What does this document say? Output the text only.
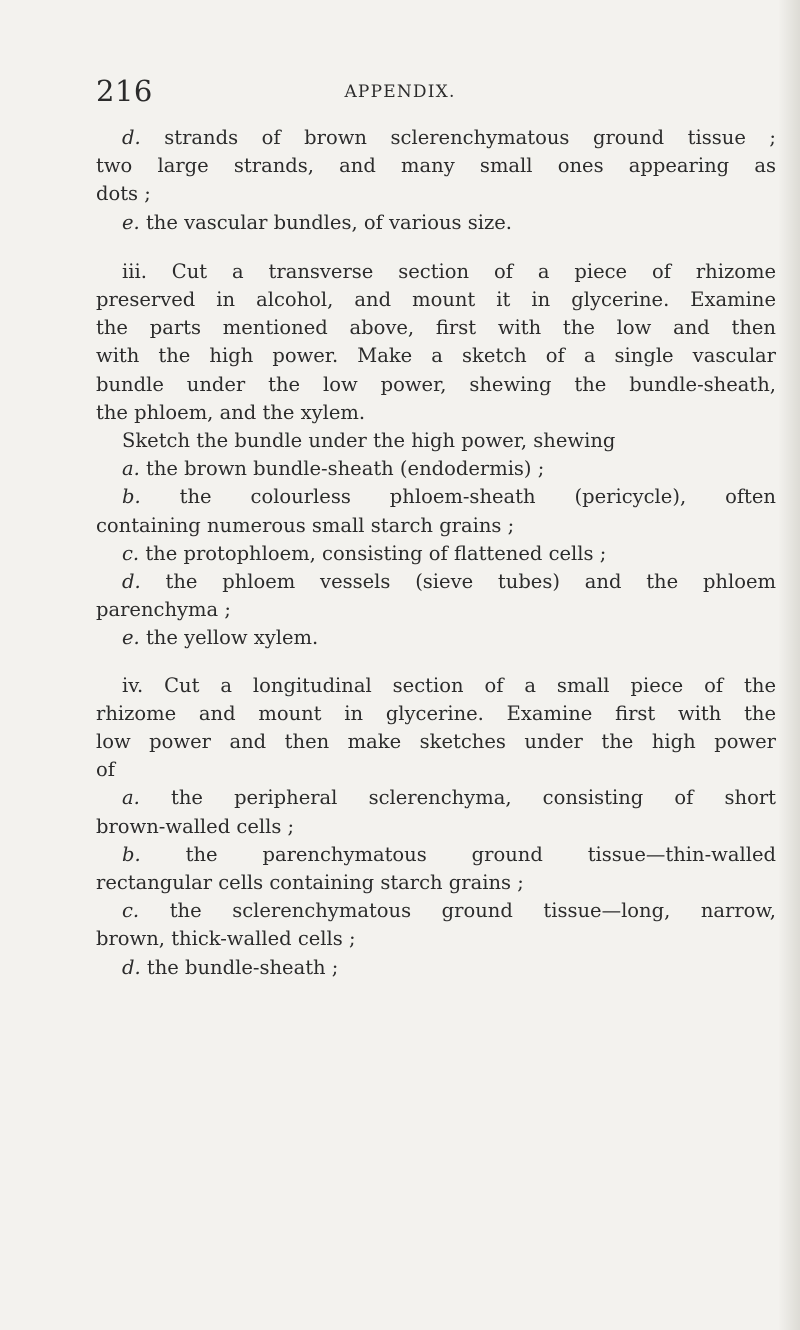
216	APPENDIX.
d. strands of brown sclerenchymatous ground tissue ;
two large strands, and many small ones appearing as
dots ;
e. the vascular bundles, of various size.
iii. Cut a transverse section of a piece of rhizome
preserved in alcohol, and mount it in glycerine. Examine
the parts mentioned above, first with the low and then
with the high power. Make a sketch of a single vascular
bundle under the low power, shewing the bundle-sheath,
the phloem, and the xylem.
Sketch the bundle under the high power, shewing
a. the brown bundle-sheath (endodermis) ;
b. the colourless phloem-sheath (pericycle), often
containing numerous small starch grains ;
c. the protophloem, consisting of flattened cells ;
d. the phloem vessels (sieve tubes) and the phloem
parenchyma ;
e. the yellow xylem.
iv. Cut a longitudinal section of a small piece of the
rhizome and mount in glycerine. Examine first with the
low power and then make sketches under the high power
of
a. the peripheral sclerenchyma, consisting of short
brown-walled cells ;
b. the parenchymatous ground tissue—thin-walled
rectangular cells containing starch grains ;
c. the sclerenchymatous ground tissue—long, narrow,
brown, thick-walled cells ;
d. the bundle-sheath ;
